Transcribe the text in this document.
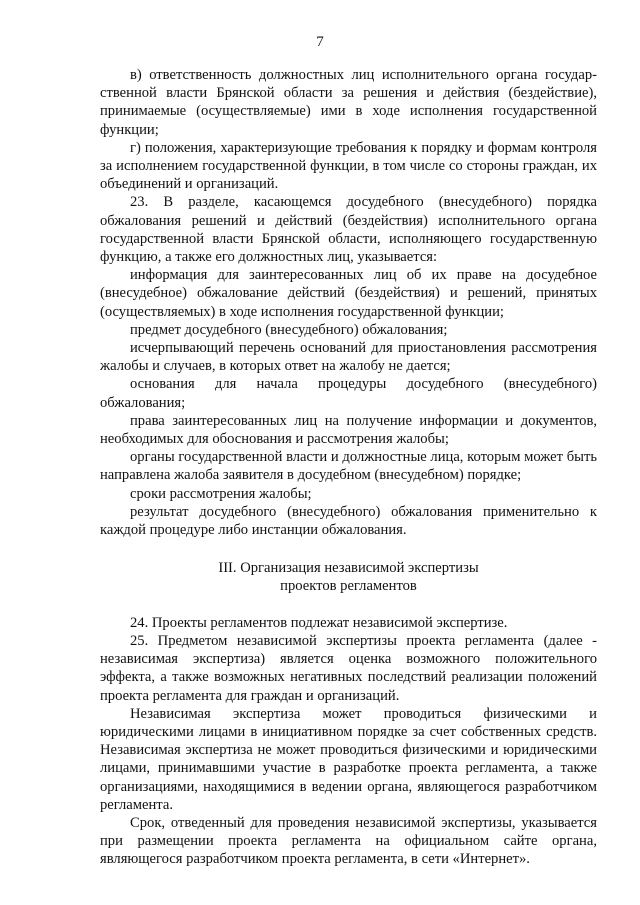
7

в) ответственность должностных лиц исполнительного органа государственной власти Брянской области за решения и действия (бездействие), принимаемые (осуществляемые) ими в ходе исполнения государственной функции;

г) положения, характеризующие требования к порядку и формам контроля за исполнением государственной функции, в том числе со стороны граждан, их объединений и организаций.

23. В разделе, касающемся досудебного (внесудебного) порядка обжалования решений и действий (бездействия) исполнительного органа государственной власти Брянской области, исполняющего государственную функцию, а также его должностных лиц, указывается:

информация для заинтересованных лиц об их праве на досудебное (внесудебное) обжалование действий (бездействия) и решений, принятых (осуществляемых) в ходе исполнения государственной функции;

предмет досудебного (внесудебного) обжалования;

исчерпывающий перечень оснований для приостановления рассмотрения жалобы и случаев, в которых ответ на жалобу не дается;

основания для начала процедуры досудебного (внесудебного) обжалования;

права заинтересованных лиц на получение информации и документов, необходимых для обоснования и рассмотрения жалобы;

органы государственной власти и должностные лица, которым может быть направлена жалоба заявителя в досудебном (внесудебном) порядке;

сроки рассмотрения жалобы;

результат досудебного (внесудебного) обжалования применительно к каждой процедуре либо инстанции обжалования.

III. Организация независимой экспертизы
проектов регламентов

24. Проекты регламентов подлежат независимой экспертизе.

25. Предметом независимой экспертизы проекта регламента (далее - независимая экспертиза) является оценка возможного положительного эффекта, а также возможных негативных последствий реализации положений проекта регламента для граждан и организаций.

Независимая экспертиза может проводиться физическими и юридическими лицами в инициативном порядке за счет собственных средств. Независимая экспертиза не может проводиться физическими и юридическими лицами, принимавшими участие в разработке проекта регламента, а также организациями, находящимися в ведении органа, являющегося разработчиком регламента.

Срок, отведенный для проведения независимой экспертизы, указывается при размещении проекта регламента на официальном сайте органа, являющегося разработчиком проекта регламента, в сети «Интернет».
